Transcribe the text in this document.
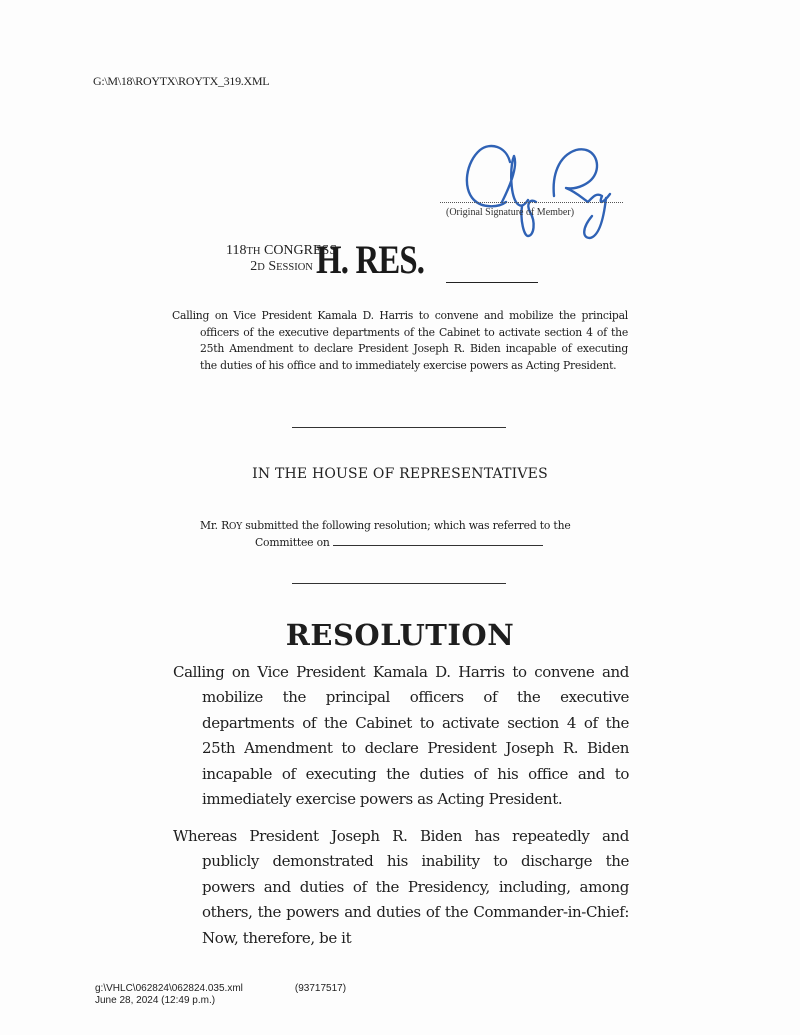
G:\M\18\ROYTX\ROYTX_319.XML
(Original Signature of Member)
118TH CONGRESS
2D SESSION H. RES.

Calling on Vice President Kamala D. Harris to convene and mobilize the principal officers of the executive departments of the Cabinet to activate section 4 of the 25th Amendment to declare President Joseph R. Biden incapable of executing the duties of his office and to immediately exercise powers as Acting President.

IN THE HOUSE OF REPRESENTATIVES
Mr. ROY submitted the following resolution; which was referred to the
Committee on
RESOLUTION

Calling on Vice President Kamala D. Harris to convene and mobilize the principal officers of the executive departments of the Cabinet to activate section 4 of the 25th Amendment to declare President Joseph R. Biden incapable of executing the duties of his office and to immediately exercise powers as Acting President.

Whereas President Joseph R. Biden has repeatedly and publicly demonstrated his inability to discharge the powers and duties of the Presidency, including, among others, the powers and duties of the Commander-in-Chief: Now, therefore, be it

g:\VHLC\062824\062824.035.xml	(93717517)
June 28, 2024 (12:49 p.m.)
